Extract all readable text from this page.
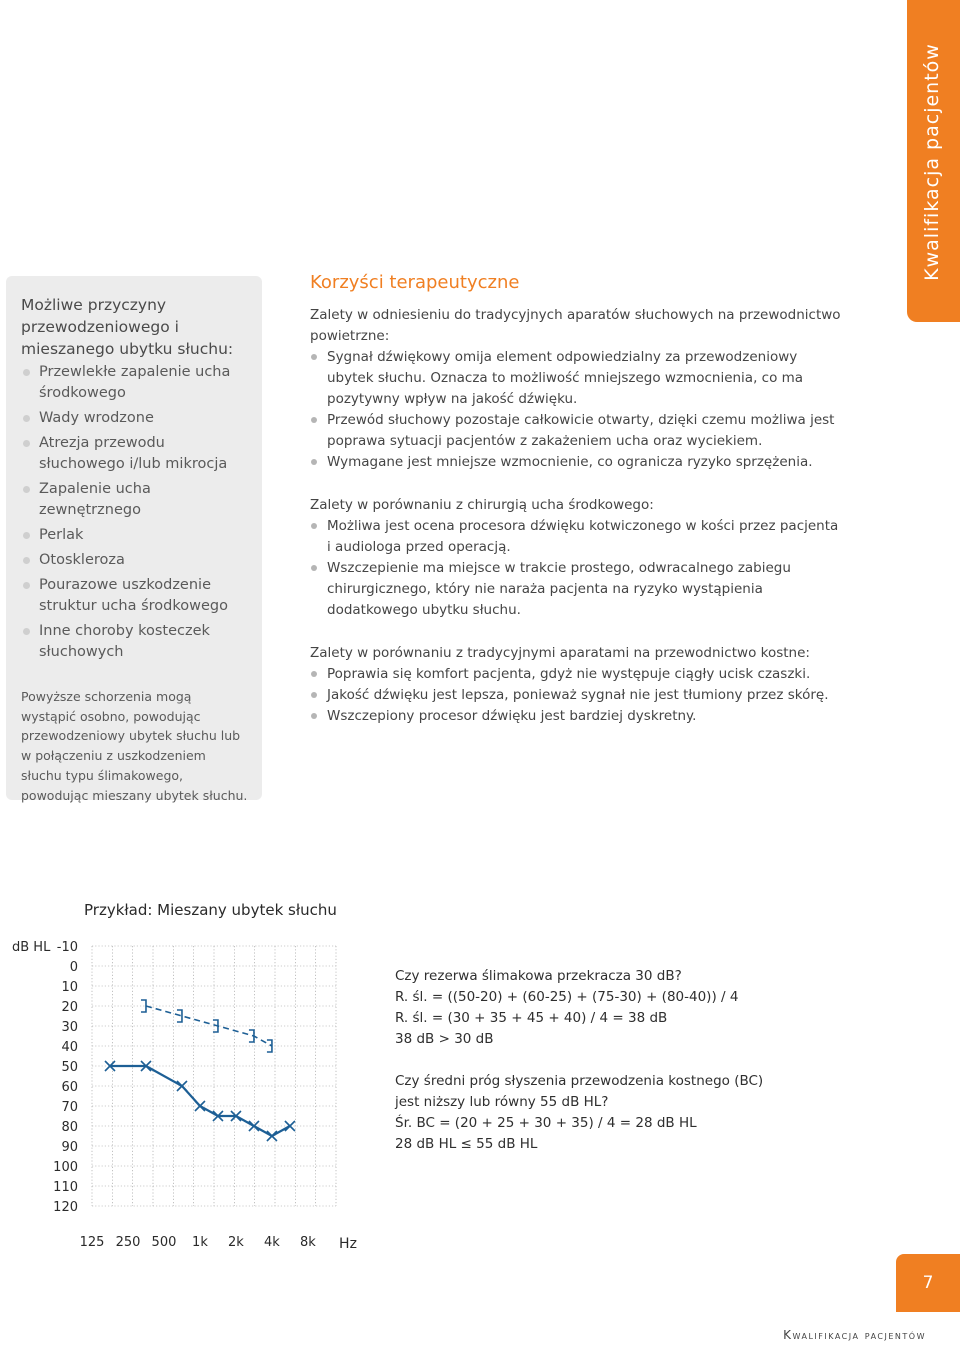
Możliwe przyczyny przewodzeniowego i mieszanego ubytku słuchu:
Przewlekłe zapalenie ucha środkowego
Wady wrodzone
Atrezja przewodu słuchowego i/lub mikrocja
Zapalenie ucha zewnętrznego
Perlak
Otoskleroza
Pourazowe uszkodzenie struktur ucha środkowego
Inne choroby kosteczek słuchowych
Powyższe schorzenia mogą wystąpić osobno, powodując przewodzeniowy ubytek słuchu lub w połączeniu z uszkodzeniem słuchu typu ślimakowego, powodując mieszany ubytek słuchu.
Kwalifikacja pacjentów
Korzyści terapeutyczne

Zalety w odniesieniu do tradycyjnych aparatów słuchowych na przewodnictwo powietrzne:

Sygnał dźwiękowy omija element odpowiedzialny za przewodzeniowy ubytek słuchu. Oznacza to możliwość mniejszego wzmocnienia, co ma pozytywny wpływ na jakość dźwięku.
Przewód słuchowy pozostaje całkowicie otwarty, dzięki czemu możliwa jest poprawa sytuacji pacjentów z zakażeniem ucha oraz wyciekiem.
Wymagane jest mniejsze wzmocnienie, co ogranicza ryzyko sprzężenia.

Zalety w porównaniu z chirurgią ucha środkowego:

Możliwa jest ocena procesora dźwięku kotwiczonego w kości przez pacjenta i audiologa przed operacją.
Wszczepienie ma miejsce w trakcie prostego, odwracalnego zabiegu chirurgicznego, który nie naraża pacjenta na ryzyko wystąpienia dodatkowego ubytku słuchu.

Zalety w porównaniu z tradycyjnymi aparatami na przewodnictwo kostne:

Poprawia się komfort pacjenta, gdyż nie występuje ciągły ucisk czaszki.
Jakość dźwięku jest lepsza, ponieważ sygnał nie jest tłumiony przez skórę.
Wszczepiony procesor dźwięku jest bardziej dyskretny.
Przykład: Mieszany ubytek słuchu
dB HL -10
0
10
20
30
40
50
60
70
80
90
100
110
120
125 250 500 1k 2k 4k 8k Hz

Czy rezerwa ślimakowa przekracza 30 dB?

R. śl. = ((50-20) + (60-25) + (75-30) + (80-40)) / 4

R. śl. = (30 + 35 + 45 + 40) / 4 = 38 dB

38 dB > 30 dB

Czy średni próg słyszenia przewodzenia kostnego (BC)

jest niższy lub równy 55 dB HL?

Śr. BC = (20 + 25 + 30 + 35) / 4 = 28 dB HL

28 dB HL ≤ 55 dB HL

7
Kwalifikacja pacjentów
